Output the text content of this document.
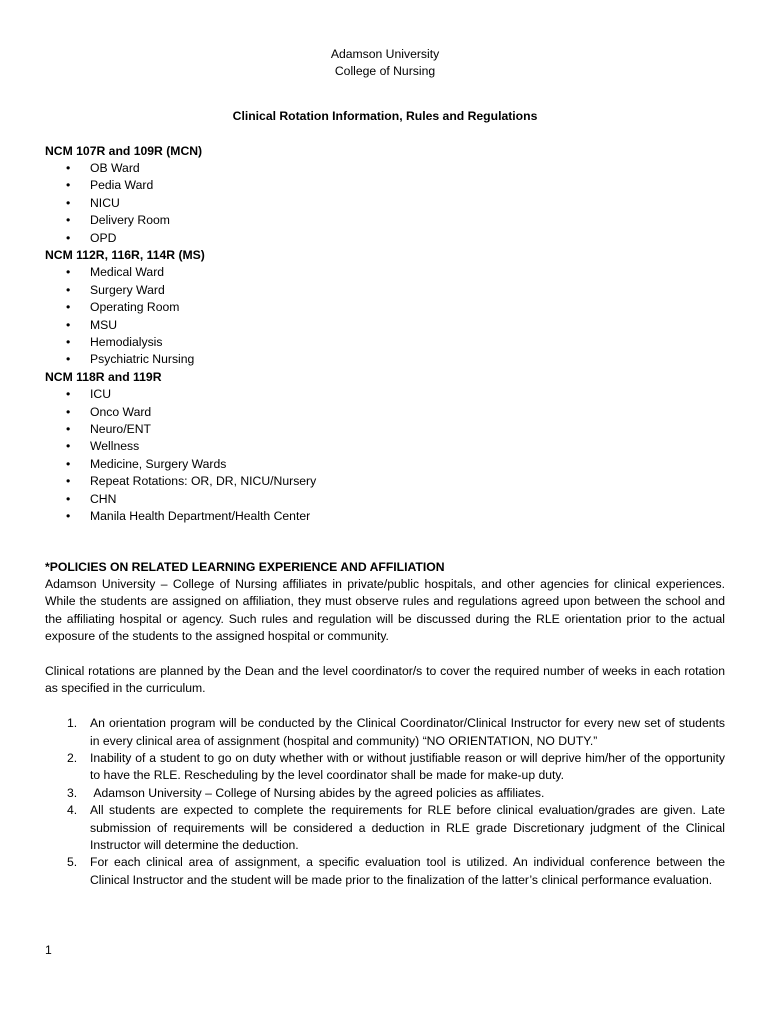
Adamson University
College of Nursing
Clinical Rotation Information, Rules and Regulations
NCM 107R and 109R (MCN)
• OB Ward
• Pedia Ward
• NICU
• Delivery Room
• OPD
NCM 112R, 116R, 114R (MS)
• Medical Ward
• Surgery Ward
• Operating Room
• MSU
• Hemodialysis
• Psychiatric Nursing
NCM 118R and 119R
• ICU
• Onco Ward
• Neuro/ENT
• Wellness
• Medicine, Surgery Wards
• Repeat Rotations: OR, DR, NICU/Nursery
• CHN
• Manila Health Department/Health Center
*POLICIES ON RELATED LEARNING EXPERIENCE AND AFFILIATION

Adamson University – College of Nursing affiliates in private/public hospitals, and other agencies for clinical experiences. While the students are assigned on affiliation, they must observe rules and regulations agreed upon between the school and the affiliating hospital or agency. Such rules and regulation will be discussed during the RLE orientation prior to the actual exposure of the students to the assigned hospital or community.

Clinical rotations are planned by the Dean and the level coordinator/s to cover the required number of weeks in each rotation as specified in the curriculum.

1. An orientation program will be conducted by the Clinical Coordinator/Clinical Instructor for every new set of students in every clinical area of assignment (hospital and community) “NO ORIENTATION, NO DUTY.”
2. Inability of a student to go on duty whether with or without justifiable reason or will deprive him/her of the opportunity to have the RLE. Rescheduling by the level coordinator shall be made for make-up duty.
3. Adamson University – College of Nursing abides by the agreed policies as affiliates.
4. All students are expected to complete the requirements for RLE before clinical evaluation/grades are given. Late submission of requirements will be considered a deduction in RLE grade Discretionary judgment of the Clinical Instructor will determine the deduction.
5. For each clinical area of assignment, a specific evaluation tool is utilized. An individual conference between the Clinical Instructor and the student will be made prior to the finalization of the latter’s clinical performance evaluation.
1
